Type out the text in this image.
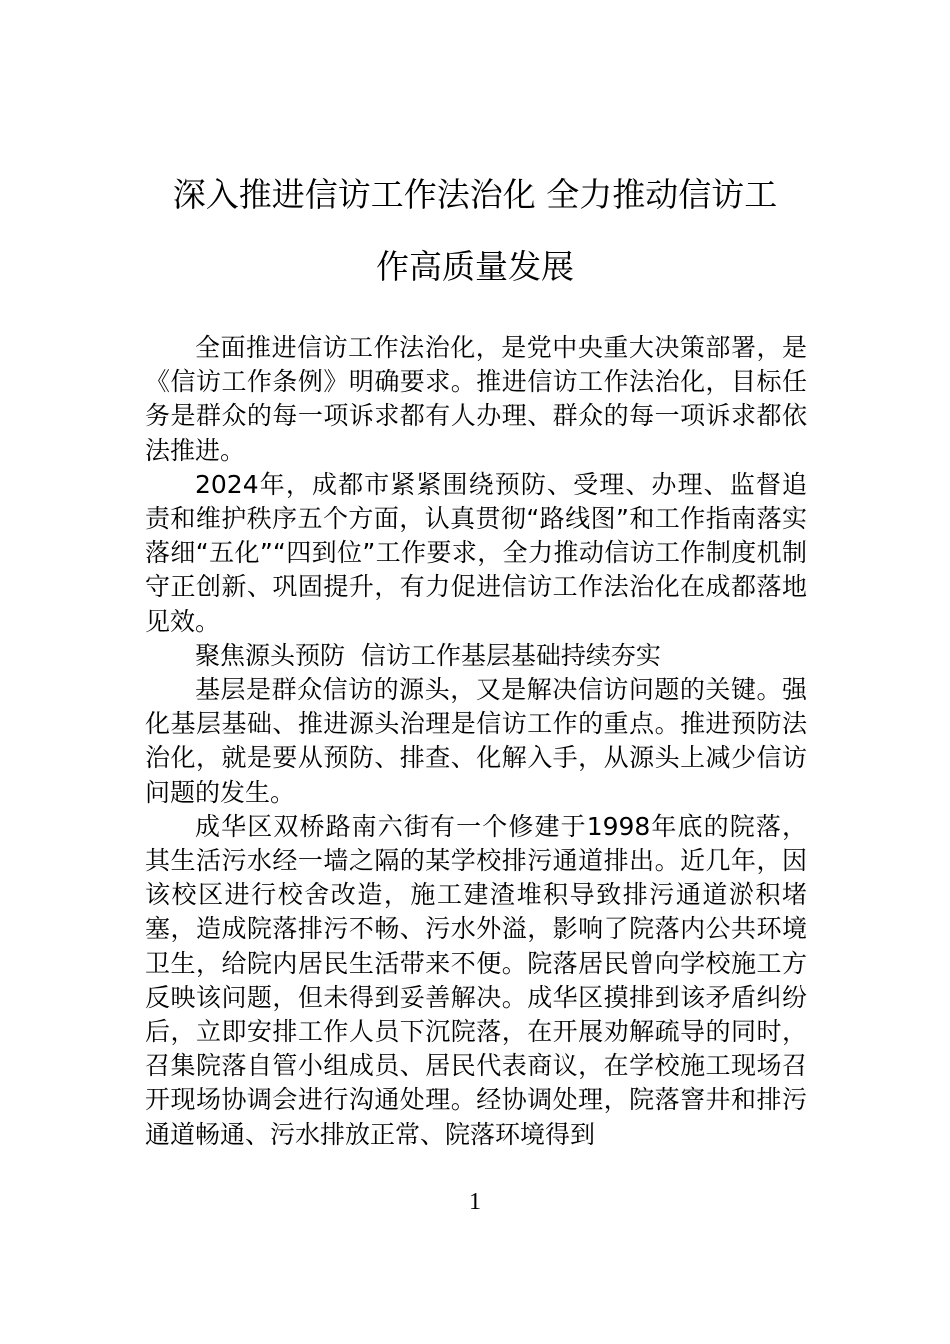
深入推进信访工作法治化 全力推动信访工
作高质量发展

全面推进信访工作法治化，是党中央重大决策部署，是《信访工作条例》明确要求。推进信访工作法治化，目标任务是群众的每一项诉求都有人办理、群众的每一项诉求都依法推进。

2024年，成都市紧紧围绕预防、受理、办理、监督追责和维护秩序五个方面，认真贯彻“路线图”和工作指南落实落细“五化”“四到位”工作要求，全力推动信访工作制度机制守正创新、巩固提升，有力促进信访工作法治化在成都落地见效。

聚焦源头预防  信访工作基层基础持续夯实

基层是群众信访的源头，又是解决信访问题的关键。强化基层基础、推进源头治理是信访工作的重点。推进预防法治化，就是要从预防、排查、化解入手，从源头上减少信访问题的发生。

成华区双桥路南六街有一个修建于1998年底的院落，其生活污水经一墙之隔的某学校排污通道排出。近几年，因该校区进行校舍改造，施工建渣堆积导致排污通道淤积堵塞，造成院落排污不畅、污水外溢，影响了院落内公共环境卫生，给院内居民生活带来不便。院落居民曾向学校施工方反映该问题，但未得到妥善解决。成华区摸排到该矛盾纠纷后，立即安排工作人员下沉院落，在开展劝解疏导的同时，召集院落自管小组成员、居民代表商议，在学校施工现场召开现场协调会进行沟通处理。经协调处理，院落窨井和排污通道畅通、污水排放正常、院落环境得到

1
